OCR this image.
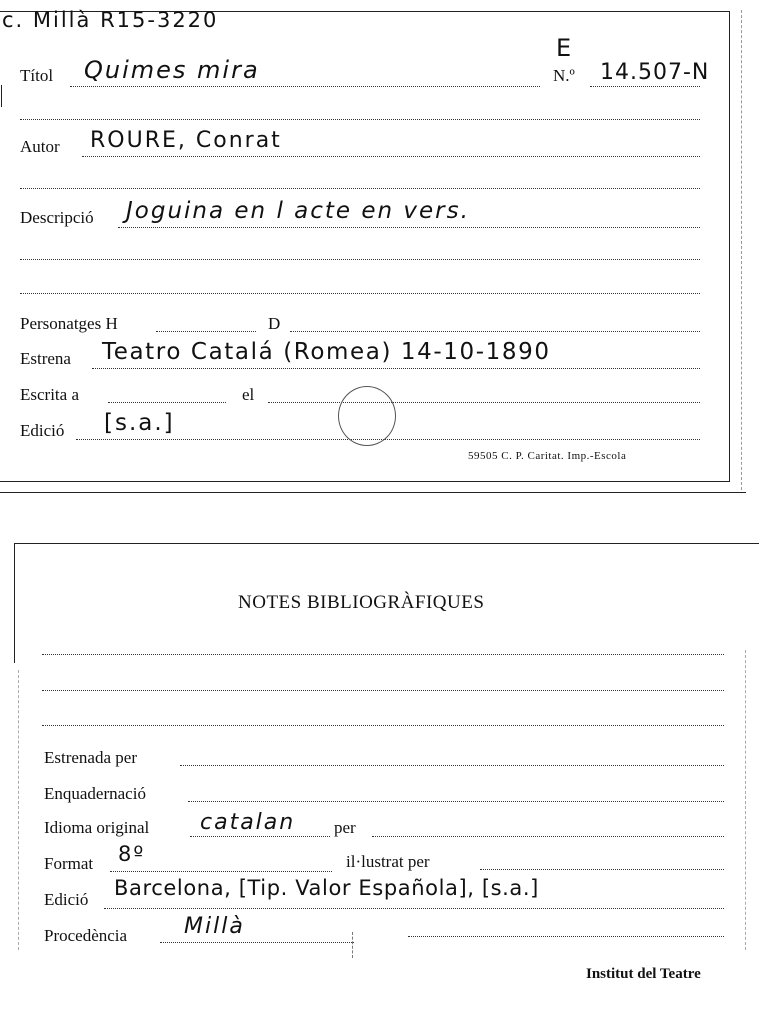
c. Millà R15-3220
E
Títol Quimes mira	N.º 14.507-N
Autor ROURE, Conrat
Descripció Joguina en l acte en vers.
Personatges H	D
Estrena Teatro Catalá (Romea) 14-10-1890
Escrita a	el
Edició [s.a.]
59505 C. P. Caritat. Imp.-Escola
NOTES BIBLIOGRÀFIQUES
Estrenada per
Enquadernació
Idioma original catalan per
Format 8º	il·lustrat per
Edició Barcelona, [Tip. Valor Española], [s.a.]
Procedència	Millà
Institut del Teatre
